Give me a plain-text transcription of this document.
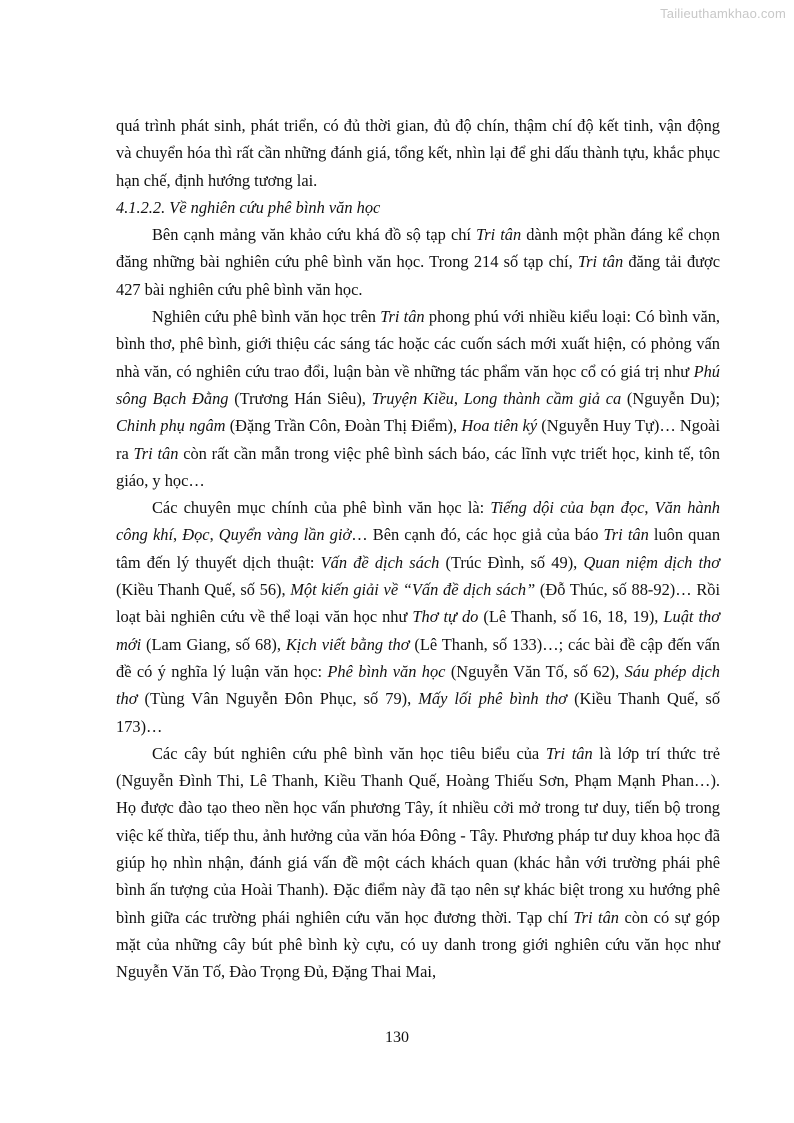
Tailieuthamkhao.com

quá trình phát sinh, phát triển, có đủ thời gian, đủ độ chín, thậm chí độ kết tinh, vận động và chuyển hóa thì rất cần những đánh giá, tổng kết, nhìn lại để ghi dấu thành tựu, khắc phục hạn chế, định hướng tương lai.

4.1.2.2. Về nghiên cứu phê bình văn học

Bên cạnh mảng văn khảo cứu khá đồ sộ tạp chí Tri tân dành một phần đáng kể chọn đăng những bài nghiên cứu phê bình văn học. Trong 214 số tạp chí, Tri tân đăng tải được 427 bài nghiên cứu phê bình văn học.

Nghiên cứu phê bình văn học trên Tri tân phong phú với nhiều kiểu loại: Có bình văn, bình thơ, phê bình, giới thiệu các sáng tác hoặc các cuốn sách mới xuất hiện, có phỏng vấn nhà văn, có nghiên cứu trao đổi, luận bàn về những tác phẩm văn học cổ có giá trị như Phú sông Bạch Đằng (Trương Hán Siêu), Truyện Kiều, Long thành cầm giả ca (Nguyễn Du); Chinh phụ ngâm (Đặng Trần Côn, Đoàn Thị Điểm), Hoa tiên ký (Nguyễn Huy Tự)… Ngoài ra Tri tân còn rất cần mẫn trong việc phê bình sách báo, các lĩnh vực triết học, kinh tế, tôn giáo, y học…

Các chuyên mục chính của phê bình văn học là: Tiếng dội của bạn đọc, Văn hành công khí, Đọc, Quyển vàng lần giở… Bên cạnh đó, các học giả của báo Tri tân luôn quan tâm đến lý thuyết dịch thuật: Vấn đề dịch sách (Trúc Đình, số 49), Quan niệm dịch thơ (Kiều Thanh Quế, số 56), Một kiến giải về “Vấn đề dịch sách” (Đỗ Thúc, số 88-92)… Rồi loạt bài nghiên cứu về thể loại văn học như Thơ tự do (Lê Thanh, số 16, 18, 19), Luật thơ mới (Lam Giang, số 68), Kịch viết bằng thơ (Lê Thanh, số 133)…; các bài đề cập đến vấn đề có ý nghĩa lý luận văn học: Phê bình văn học (Nguyễn Văn Tố, số 62), Sáu phép dịch thơ (Tùng Vân Nguyễn Đôn Phục, số 79), Mấy lối phê bình thơ (Kiều Thanh Quế, số 173)…

Các cây bút nghiên cứu phê bình văn học tiêu biểu của Tri tân là lớp trí thức trẻ (Nguyễn Đình Thi, Lê Thanh, Kiều Thanh Quế, Hoàng Thiếu Sơn, Phạm Mạnh Phan…). Họ được đào tạo theo nền học vấn phương Tây, ít nhiều cởi mở trong tư duy, tiến bộ trong việc kế thừa, tiếp thu, ảnh hưởng của văn hóa Đông - Tây. Phương pháp tư duy khoa học đã giúp họ nhìn nhận, đánh giá vấn đề một cách khách quan (khác hẳn với trường phái phê bình ấn tượng của Hoài Thanh). Đặc điểm này đã tạo nên sự khác biệt trong xu hướng phê bình giữa các trường phái nghiên cứu văn học đương thời. Tạp chí Tri tân còn có sự góp mặt của những cây bút phê bình kỳ cựu, có uy danh trong giới nghiên cứu văn học như Nguyễn Văn Tố, Đào Trọng Đủ, Đặng Thai Mai,

130
